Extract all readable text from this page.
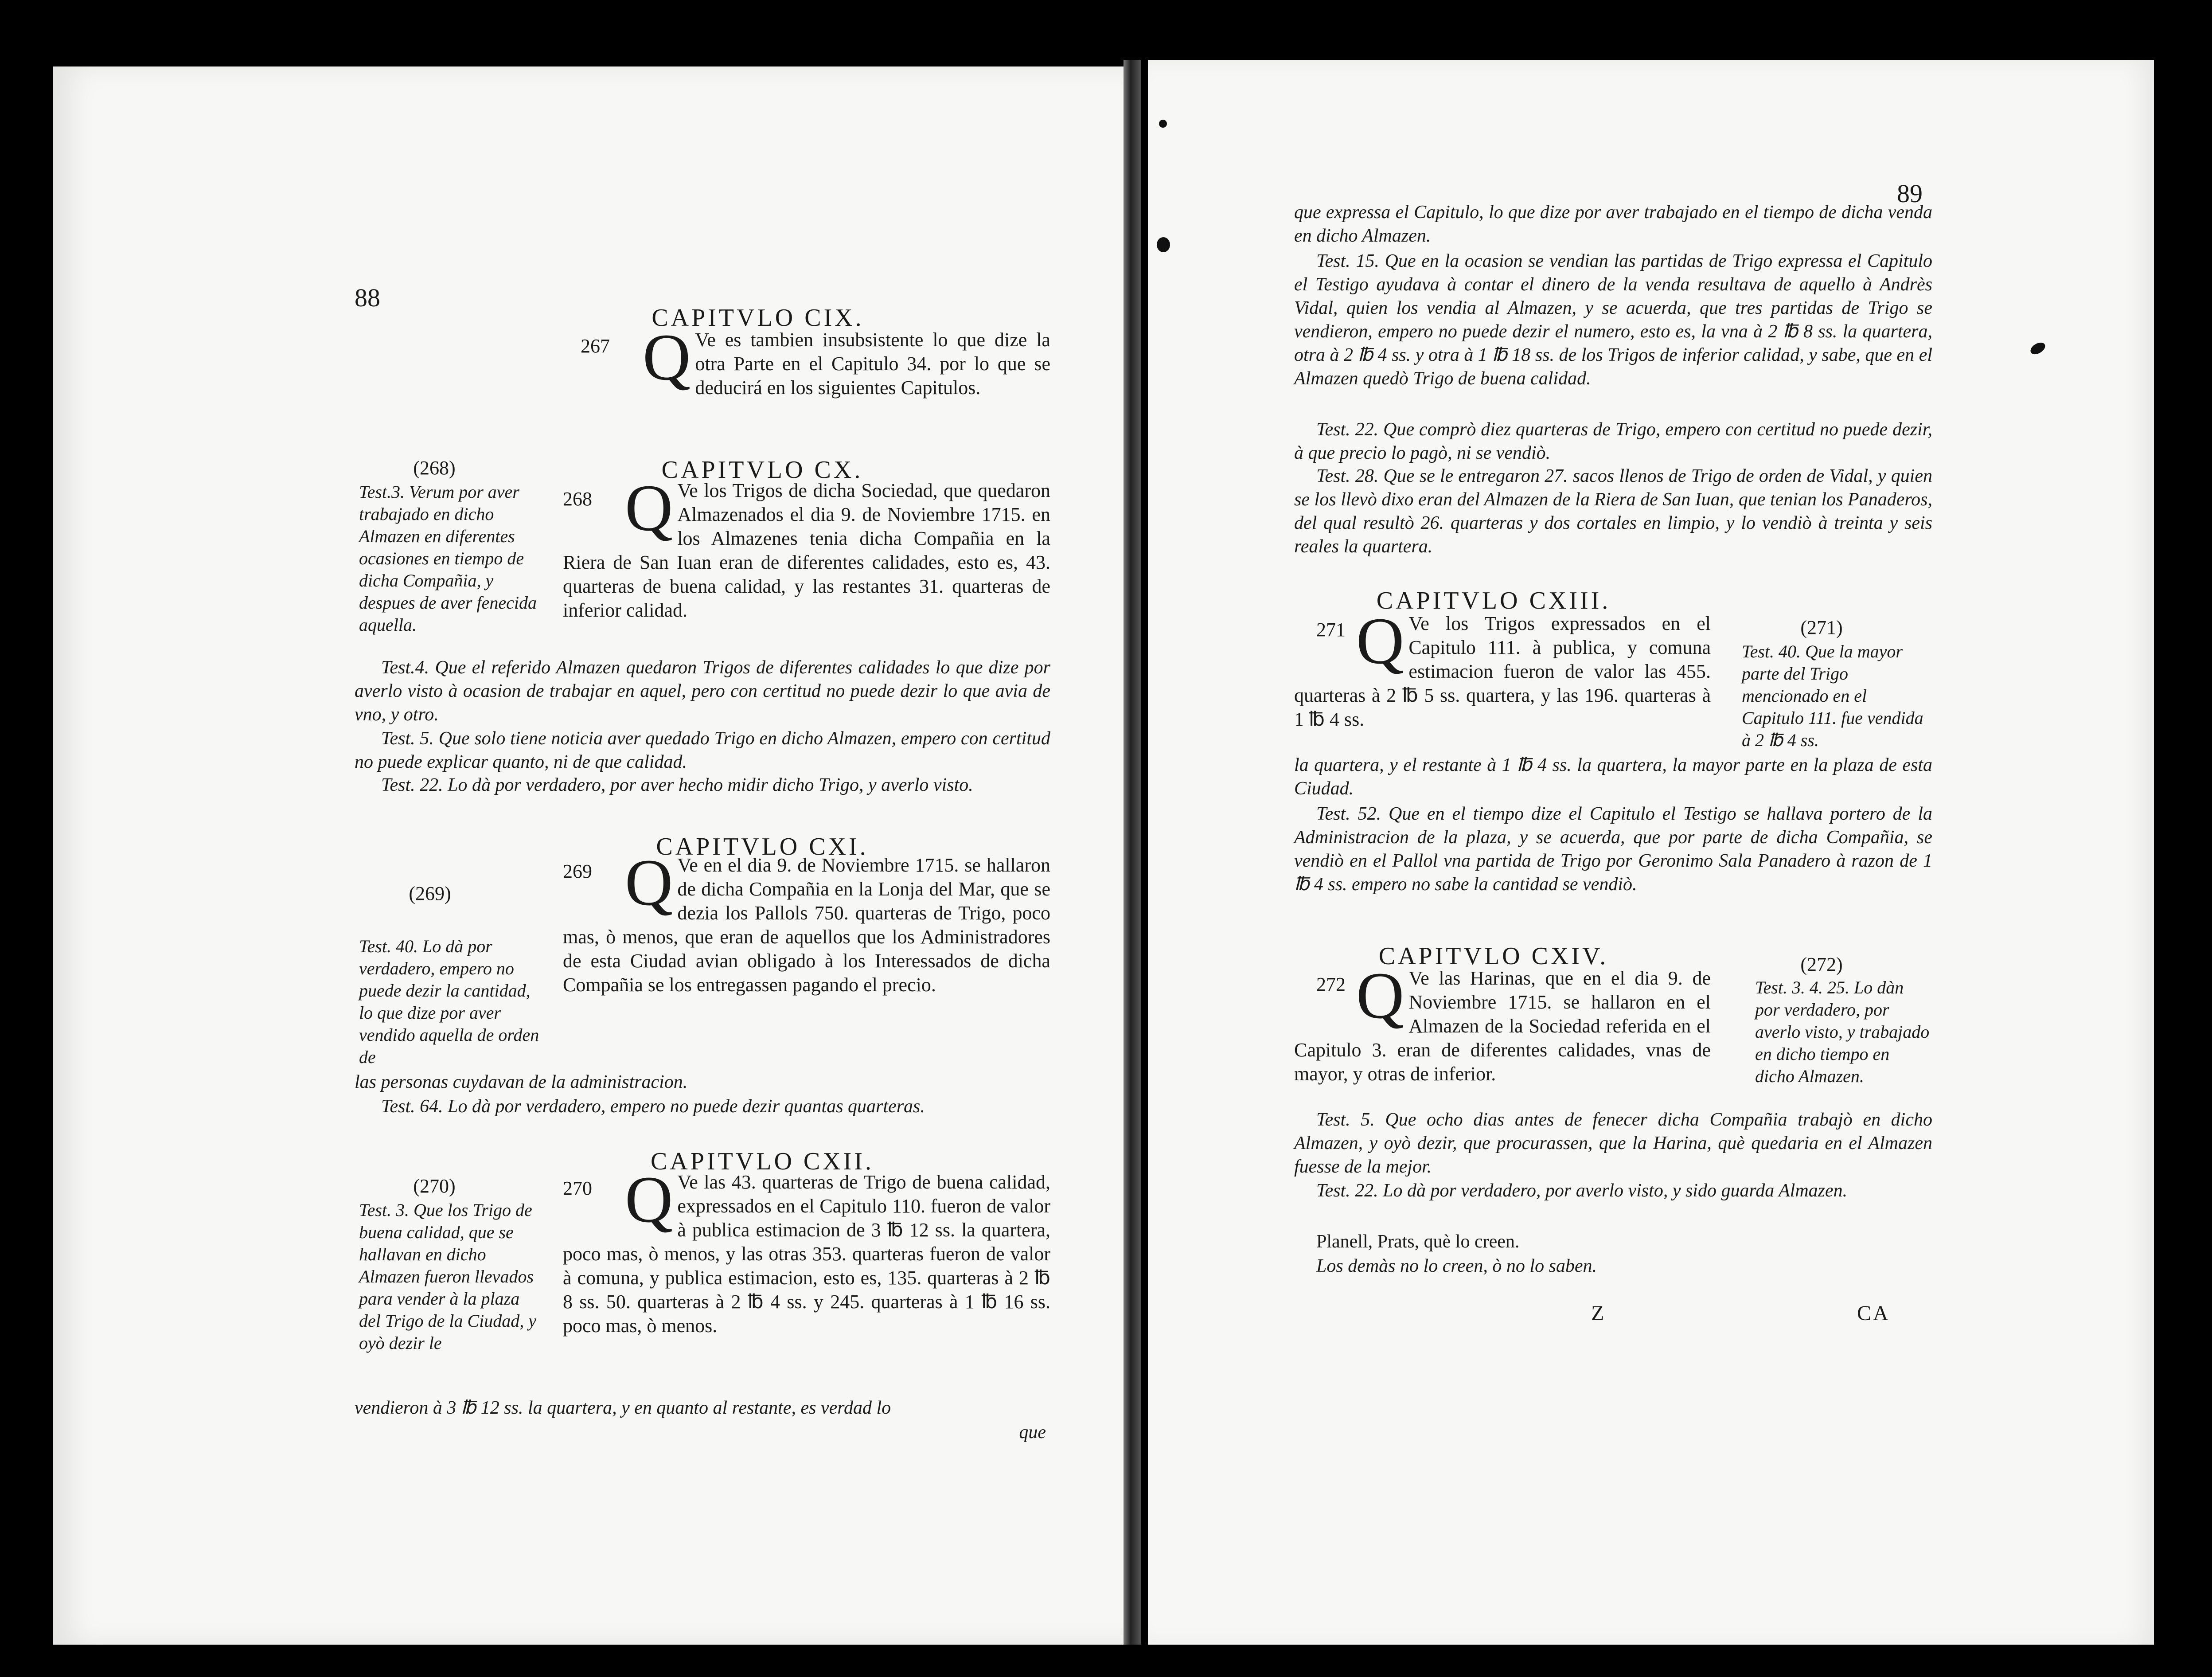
88
CAPITVLO CIX.
267 Q Ve es tambien insubsistente lo que dize la otra Parte en el Capitulo 34. por lo que se deducirá en los siguientes Capitulos.
CAPITVLO CX.
(268)
Test.3. Verum por aver trabajado en dicho Almazen en diferentes ocasiones en tiempo de dicha Compañia, y despues de aver fenecida aquella.
268 Q Ve los Trigos de dicha Sociedad, que quedaron Almazenados el dia 9. de Noviembre 1715. en los Almazenes tenia dicha Compañia en la Riera de San Iuan eran de diferentes calidades, esto es, 43. quarteras de buena calidad, y las restantes 31. quarteras de inferior calidad.
Test.4. Que el referido Almazen quedaron Trigos de diferentes calidades lo que dize por averlo visto à ocasion de trabajar en aquel, pero con certitud no puede dezir lo que avia de vno, y otro.
Test. 5. Que solo tiene noticia aver quedado Trigo en dicho Almazen, empero con certitud no puede explicar quanto, ni de que calidad.
Test. 22. Lo dà por verdadero, por aver hecho midir dicho Trigo, y averlo visto.
CAPITVLO CXI.
(269)
Test. 40. Lo dà por verdadero, empero no puede dezir la cantidad, lo que dize por aver vendido aquella de orden de
269 Q Ve en el dia 9. de Noviembre 1715. se hallaron de dicha Compañia en la Lonja del Mar, que se dezia los Pallols 750. quarteras de Trigo, poco mas, ò menos, que eran de aquellos que los Administradores de esta Ciudad avian obligado à los Interessados de dicha Compañia se los entregassen pagando el precio.
las personas cuydavan de la administracion.
Test. 64. Lo dà por verdadero, empero no puede dezir quantas quarteras.
CAPITVLO CXII.
(270)
Test. 3. Que los Trigo de buena calidad, que se hallavan en dicho Almazen fueron llevados para vender à la plaza del Trigo de la Ciudad, y oyò dezir le
270 Q Ve las 43. quarteras de Trigo de buena calidad, expressados en el Capitulo 110. fueron de valor à publica estimacion de 3 ℔ 12 ss. la quartera, poco mas, ò menos, y las otras 353. quarteras fueron de valor à comuna, y publica estimacion, esto es, 135. quarteras à 2 ℔ 8 ss. 50. quarteras à 2 ℔ 4 ss. y 245. quarteras à 1 ℔ 16 ss. poco mas, ò menos.
vendieron à 3 ℔ 12 ss. la quartera, y en quanto al restante, es verdad lo
que
89
que expressa el Capitulo, lo que dize por aver trabajado en el tiempo de dicha venda en dicho Almazen.
Test. 15. Que en la ocasion se vendian las partidas de Trigo expressa el Capitulo el Testigo ayudava à contar el dinero de la venda resultava de aquello à Andrès Vidal, quien los vendia al Almazen, y se acuerda, que tres partidas de Trigo se vendieron, empero no puede dezir el numero, esto es, la vna à 2 ℔ 8 ss. la quartera, otra à 2 ℔ 4 ss. y otra à 1 ℔ 18 ss. de los Trigos de inferior calidad, y sabe, que en el Almazen quedò Trigo de buena calidad.
Test. 22. Que comprò diez quarteras de Trigo, empero con certitud no puede dezir, à que precio lo pagò, ni se vendiò.
Test. 28. Que se le entregaron 27. sacos llenos de Trigo de orden de Vidal, y quien se los llevò dixo eran del Almazen de la Riera de San Iuan, que tenian los Panaderos, del qual resultò 26. quarteras y dos cortales en limpio, y lo vendiò à treinta y seis reales la quartera.
CAPITVLO CXIII.
271 Q Ve los Trigos expressados en el Capitulo 111. à publica, y comuna estimacion fueron de valor las 455. quarteras à 2 ℔ 5 ss. quartera, y las 196. quarteras à 1 ℔ 4 ss.
(271)
Test. 40. Que la mayor parte del Trigo mencionado en el Capitulo 111. fue vendida à 2 ℔ 4 ss.
la quartera, y el restante à 1 ℔ 4 ss. la quartera, la mayor parte en la plaza de esta Ciudad.
Test. 52. Que en el tiempo dize el Capitulo el Testigo se hallava portero de la Administracion de la plaza, y se acuerda, que por parte de dicha Compañia, se vendiò en el Pallol vna partida de Trigo por Geronimo Sala Panadero à razon de 1 ℔ 4 ss. empero no sabe la cantidad se vendiò.
CAPITVLO CXIV.
272 Q Ve las Harinas, que en el dia 9. de Noviembre 1715. se hallaron en el Almazen de la Sociedad referida en el Capitulo 3. eran de diferentes calidades, vnas de mayor, y otras de inferior.
(272)
Test. 3. 4. 25. Lo dàn por verdadero, por averlo visto, y trabajado en dicho tiempo en dicho Almazen.
Test. 5. Que ocho dias antes de fenecer dicha Compañia trabajò en dicho Almazen, y oyò dezir, que procurassen, que la Harina, què quedaria en el Almazen fuesse de la mejor.
Test. 22. Lo dà por verdadero, por averlo visto, y sido guarda Almazen.
Planell, Prats, què lo creen.
Los demàs no lo creen, ò no lo saben.
Z	CA
